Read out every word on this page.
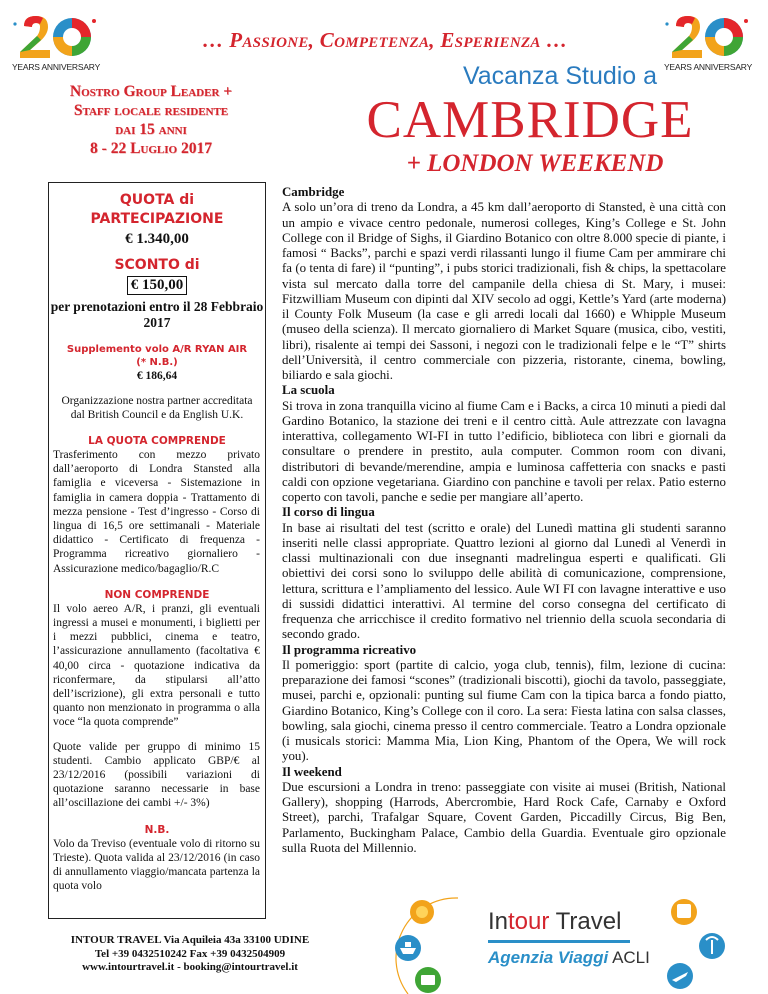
YEARS ANNIVERSARY	YEARS ANNIVERSARY
… Passione, Competenza, Esperienza …
Nostro Group Leader +
Staff locale residente
dai 15 anni
8 - 22 Luglio 2017
Vacanza Studio a
CAMBRIDGE
+ LONDON WEEKEND
QUOTA di
PARTECIPAZIONE
€ 1.340,00
SCONTO di
€ 150,00
per prenotazioni entro il 28 Febbraio 2017
Supplemento volo A/R RYAN AIR
(* N.B.)
€ 186,64
Organizzazione nostra partner accreditata dal British Council e da English U.K.
LA QUOTA COMPRENDE
Trasferimento con mezzo privato dall’aeroporto di Londra Stansted alla famiglia e viceversa - Sistemazione in famiglia in camera doppia - Trattamento di mezza pensione - Test d’ingresso - Corso di lingua di 16,5 ore settimanali - Materiale didattico - Certificato di frequenza - Programma ricreativo giornaliero - Assicurazione medico/bagaglio/R.C
NON COMPRENDE
Il volo aereo A/R, i pranzi, gli eventuali ingressi a musei e monumenti, i biglietti per i mezzi pubblici, cinema e teatro, l’assicurazione annullamento (facoltativa € 40,00 circa - quotazione indicativa da riconfermare, da stipularsi all’atto dell’iscrizione), gli extra personali e tutto quanto non menzionato in programma o alla voce “la quota comprende”
Quote valide per gruppo di minimo 15 studenti. Cambio applicato GBP/€ al 23/12/2016 (possibili variazioni di quotazione saranno necessarie in base all’oscillazione dei cambi +/- 3%)
N.B.
Volo da Treviso (eventuale volo di ritorno su Trieste). Quota valida al 23/12/2016 (in caso di annullamento viaggio/mancata partenza la quota volo

Cambridge

A solo un’ora di treno da Londra, a 45 km dall’aeroporto di Stansted, è una città con un ampio e vivace centro pedonale, numerosi colleges, King’s College e St. John College con il Bridge of Sighs, il Giardino Botanico con oltre 8.000 specie di piante, i famosi “ Backs”, parchi e spazi verdi rilassanti lungo il fiume Cam per ammirare chi fa (o tenta di fare) il “punting”, i pubs storici tradizionali, fish & chips, la spettacolare vista sul mercato dalla torre del campanile della chiesa di St. Mary, i musei: Fitzwilliam Museum con dipinti dal XIV secolo ad oggi, Kettle’s Yard (arte moderna) il County Folk Museum (la case e gli arredi locali dal 1660) e Whipple Museum (museo della scienza). Il mercato giornaliero di Market Square (musica, cibo, vestiti, libri), risalente ai tempi dei Sassoni, i negozi con le tradizionali felpe e le “T” shirts dell’Università, il centro commerciale con pizzeria, ristorante, cinema, bowling, biliardo e sala giochi.

La scuola

Si trova in zona tranquilla vicino al fiume Cam e i Backs, a circa 10 minuti a piedi dal Gardino Botanico, la stazione dei treni e il centro città. Aule attrezzate con lavagna interattiva, collegamento WI-FI in tutto l’edificio, biblioteca con libri e giornali da consultare o prendere in prestito, aula computer. Common room con divani, distributori di bevande/merendine, ampia e luminosa caffetteria con snacks e pasti caldi con opzione vegetariana. Giardino con panchine e tavoli per relax. Patio esterno coperto con tavoli, panche e sedie per mangiare all’aperto.

Il corso di lingua

In base ai risultati del test (scritto e orale) del Lunedì mattina gli studenti saranno inseriti nelle classi appropriate. Quattro lezioni al giorno dal Lunedì al Venerdì in classi multinazionali con due insegnanti madrelingua esperti e qualificati. Gli obiettivi dei corsi sono lo sviluppo delle abilità di comunicazione, comprensione, lettura, scrittura e l’ampliamento del lessico. Aule WI FI con lavagne interattive e uso di sussidi didattici interattivi. Al termine del corso consegna del certificato di frequenza che arricchisce il credito formativo nel triennio della scuola secondaria di secondo grado.

Il programma ricreativo

Il pomeriggio: sport (partite di calcio, yoga club, tennis), film, lezione di cucina: preparazione dei famosi “scones” (tradizionali biscotti), giochi da tavolo, passeggiate, musei, parchi e, opzionali: punting sul fiume Cam con la tipica barca a fondo piatto, Giardino Botanico, King’s College con il coro. La sera: Fiesta latina con salsa classes, bowling, sala giochi, cinema presso il centro commerciale. Teatro a Londra opzionale (i musicals storici: Mamma Mia, Lion King, Phantom of the Opera, We will rock you).

Il weekend

Due escursioni a Londra in treno: passeggiate con visite ai musei (British, National Gallery), shopping (Harrods, Abercrombie, Hard Rock Cafe, Carnaby e Oxford Street), parchi, Trafalgar Square, Covent Garden, Piccadilly Circus, Big Ben, Parlamento, Buckingham Palace, Cambio della Guardia. Eventuale giro opzionale sulla Ruota del Millennio.

INTOUR TRAVEL Via Aquileia 43a 33100 UDINE
Tel +39 0432510242 Fax +39 0432504909
www.intourtravel.it - booking@intourtravel.it
Intour Travel
Agenzia Viaggi ACLI
